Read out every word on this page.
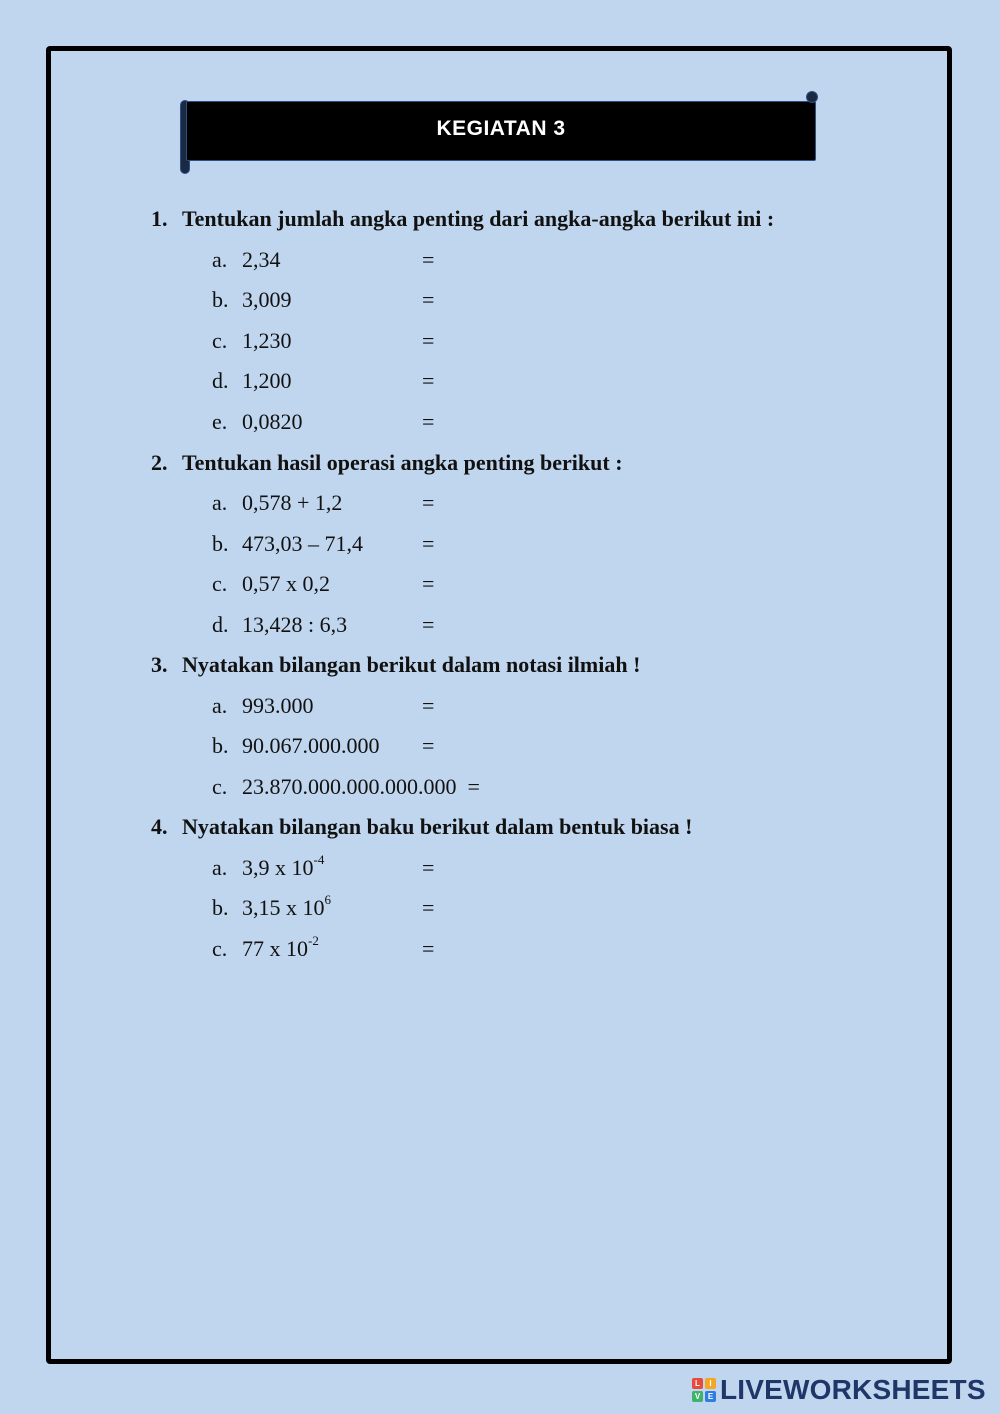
KEGIATAN 3
1. Tentukan jumlah angka penting dari angka-angka berikut ini :
a. 2,34	=
b. 3,009	=
c. 1,230	=
d. 1,200	=
e. 0,0820	=
2. Tentukan hasil operasi angka penting berikut :
a. 0,578 + 1,2	=
b. 473,03 – 71,4	=
c. 0,57 x 0,2	=
d. 13,428 : 6,3	=
3. Nyatakan bilangan berikut dalam notasi ilmiah !
a. 993.000	=
b. 90.067.000.000 =
c. 23.870.000.000.000.000  =
4. Nyatakan bilangan baku berikut dalam bentuk biasa !
a. 3,9 x $10^{-4}$	=
b. 3,15 x $10^6$	=
c. 77 x $10^{-2}$	=
L	I
V E LIVEWORKSHEETS
